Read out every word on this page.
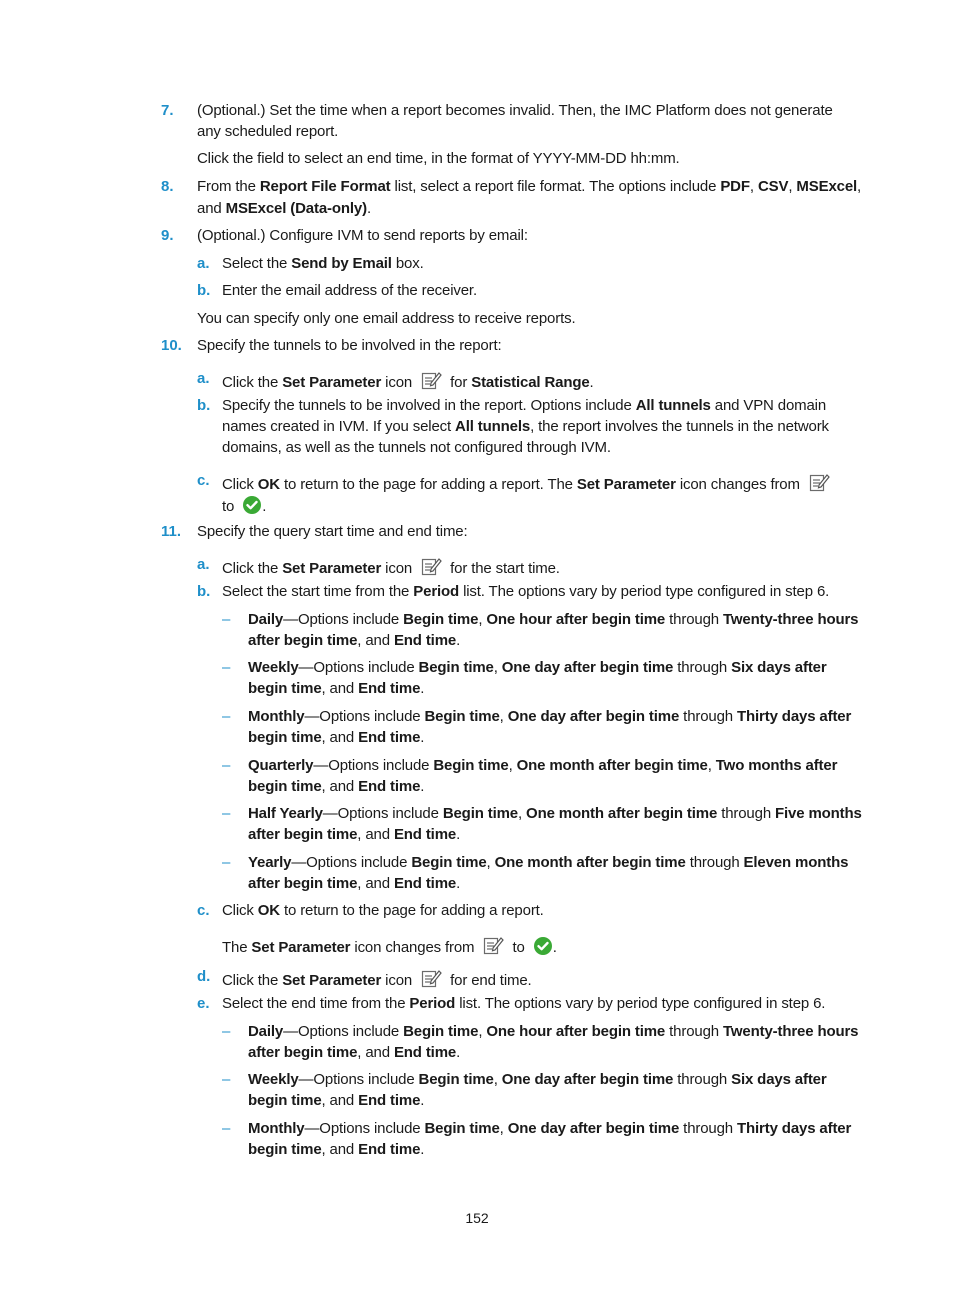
7. (Optional.) Set the time when a report becomes invalid. Then, the IMC Platform does not generate
any scheduled report.
Click the field to select an end time, in the format of YYYY-MM-DD hh:mm.
8. From the Report File Format list, select a report file format. The options include PDF, CSV, MSExcel,
and MSExcel (Data-only).
9. (Optional.) Configure IVM to send reports by email:
a. Select the Send by Email box.
b. Enter the email address of the receiver.
You can specify only one email address to receive reports.
10. Specify the tunnels to be involved in the report:
a. Click the Set Parameter icon	for Statistical Range.
b. Specify the tunnels to be involved in the report. Options include All tunnels and VPN domain
names created in IVM. If you select All tunnels, the report involves the tunnels in the network
domains, as well as the tunnels not configured through IVM.
c. Click OK to return to the page for adding a report. The Set Parameter icon changes from
to .
11. Specify the query start time and end time:
a. Click the Set Parameter icon	for the start time.
b. Select the start time from the Period list. The options vary by period type configured in step 6.
– Daily—Options include Begin time, One hour after begin time through Twenty-three hours
after begin time, and End time.
– Weekly—Options include Begin time, One day after begin time through Six days after
begin time, and End time.
– Monthly—Options include Begin time, One day after begin time through Thirty days after
begin time, and End time.
– Quarterly—Options include Begin time, One month after begin time, Two months after
begin time, and End time.
– Half Yearly—Options include Begin time, One month after begin time through Five months
after begin time, and End time.
– Yearly—Options include Begin time, One month after begin time through Eleven months
after begin time, and End time.
c. Click OK to return to the page for adding a report.
The Set Parameter icon changes from	to .
d. Click the Set Parameter icon	for end time.
e. Select the end time from the Period list. The options vary by period type configured in step 6.
– Daily—Options include Begin time, One hour after begin time through Twenty-three hours
after begin time, and End time.
– Weekly—Options include Begin time, One day after begin time through Six days after
begin time, and End time.
– Monthly—Options include Begin time, One day after begin time through Thirty days after
begin time, and End time.
152
